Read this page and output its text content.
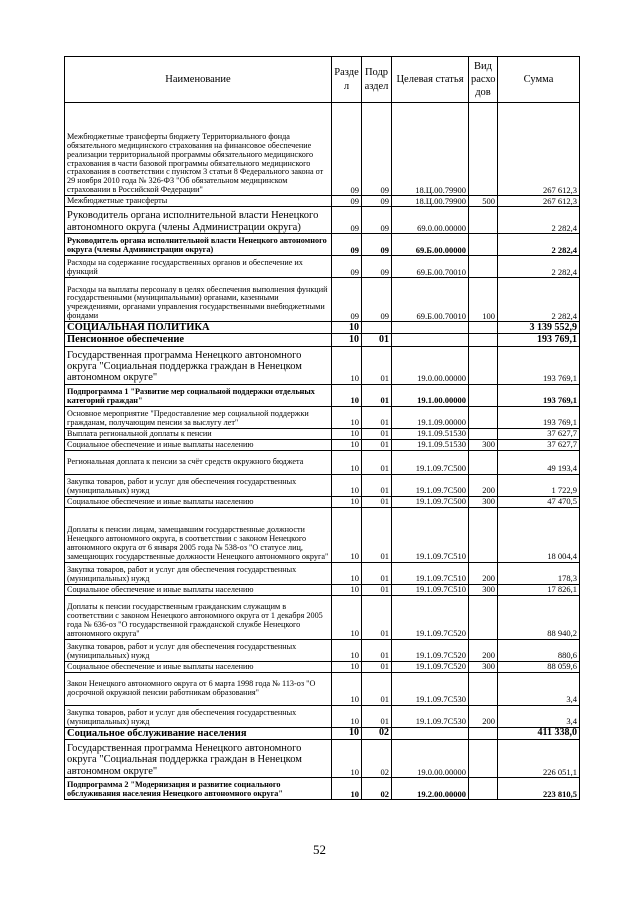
Наименование	Разде л	Подр аздел	Целевая статья	Вид расхо дов	Сумма
Межбюджетные трансферты бюджету Территориального фонда обязательного медицинского страхования на финансовое обеспечение реализации территориальной программы обязательного медицинского страхования в части базовой программы обязательного медицинского страхования в соответствии с пунктом 3 статьи 8 Федерального закона от 29 ноября 2010 года № 326-ФЗ "Об обязательном медицинском страховании в Российской Федерации"	09	09	18.Ц.00.79900		267 612,3
Межбюджетные трансферты	09	09	18.Ц.00.79900	500	267 612,3
Руководитель органа исполнительной власти Ненецкого автономного округа (члены Администрации округа)	09	09	69.0.00.00000		2 282,4
Руководитель органа исполнительной власти Ненецкого автономного округа (члены Администрации округа)	09	09	69.Б.00.00000		2 282,4
Расходы на содержание государственных органов и обеспечение их функций	09	09	69.Б.00.70010		2 282,4
Расходы на выплаты персоналу в целях обеспечения выполнения функций государственными (муниципальными) органами, казенными учреждениями, органами управления государственными внебюджетными фондами	09	09	69.Б.00.70010	100	2 282,4
СОЦИАЛЬНАЯ ПОЛИТИКА	10				3 139 552,9
Пенсионное обеспечение	10	01			193 769,1
Государственная программа Ненецкого автономного округа "Социальная поддержка граждан в Ненецком автономном округе"	10	01	19.0.00.00000		193 769,1
Подпрограмма 1 "Развитие мер социальной поддержки отдельных категорий граждан"	10	01	19.1.00.00000		193 769,1
Основное мероприятие "Предоставление мер социальной поддержки гражданам, получающим пенсии за выслугу лет"	10	01	19.1.09.00000		193 769,1
Выплата региональной доплаты к пенсии	10	01	19.1.09.51530		37 627,7
Социальное обеспечение и иные выплаты населению	10	01	19.1.09.51530	300	37 627,7
Региональная доплата к пенсии за счёт средств окружного бюджета	10	01	19.1.09.7С500		49 193,4
Закупка товаров, работ и услуг для обеспечения государственных (муниципальных) нужд	10	01	19.1.09.7С500	200	1 722,9
Социальное обеспечение и иные выплаты населению	10	01	19.1.09.7С500	300	47 470,5
Доплаты к пенсии лицам, замещавшим государственные должности Ненецкого автономного округа, в соответствии с законом Ненецкого автономного округа от 6 января 2005 года № 538-оз "О статусе лиц, замещающих государственные должности Ненецкого автономного округа"	10	01	19.1.09.7С510		18 004,4
Закупка товаров, работ и услуг для обеспечения государственных (муниципальных) нужд	10	01	19.1.09.7С510	200	178,3
Социальное обеспечение и иные выплаты населению	10	01	19.1.09.7С510	300	17 826,1
Доплаты к пенсии государственным гражданским служащим в соответствии с законом Ненецкого автономного округа от 1 декабря 2005 года № 636-оз "О государственной гражданской службе Ненецкого автономного округа"	10	01	19.1.09.7С520		88 940,2
Закупка товаров, работ и услуг для обеспечения государственных (муниципальных) нужд	10	01	19.1.09.7С520	200	880,6
Социальное обеспечение и иные выплаты населению	10	01	19.1.09.7С520	300	88 059,6
Закон Ненецкого автономного округа от 6 марта 1998 года № 113-оз "О досрочной окружной пенсии работникам образования"	10	01	19.1.09.7С530		3,4
Закупка товаров, работ и услуг для обеспечения государственных (муниципальных) нужд	10	01	19.1.09.7С530	200	3,4
Социальное обслуживание населения	10	02			411 338,0
Государственная программа Ненецкого автономного округа "Социальная поддержка граждан в Ненецком автономном округе"	10	02	19.0.00.00000		226 051,1
Подпрограмма 2 "Модернизация и развитие социального обслуживания населения Ненецкого автономного округа"	10	02	19.2.00.00000		223 810,5
52
